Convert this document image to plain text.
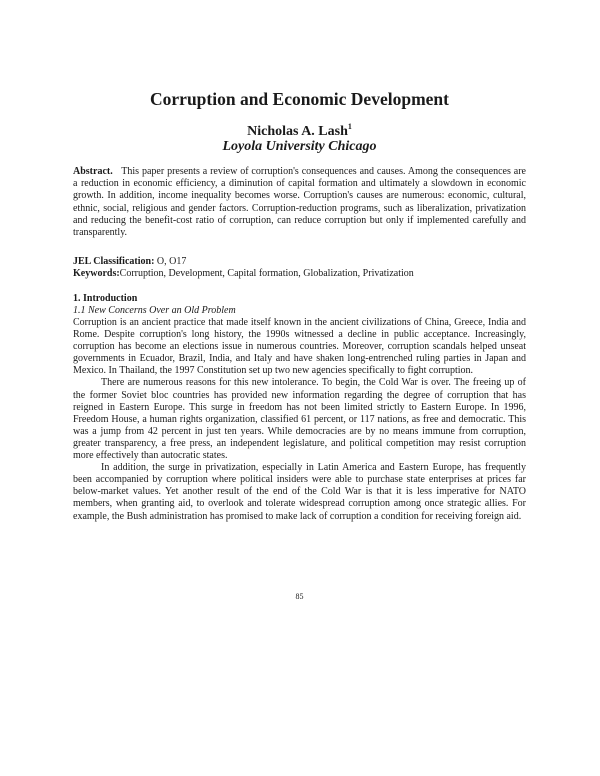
Corruption and Economic Development
Nicholas A. Lash$^1$
Loyola University Chicago

Abstract. This paper presents a review of corruption's consequences and causes. Among the consequences are a reduction in economic efficiency, a diminution of capital formation and ultimately a slowdown in economic growth. In addition, income inequality becomes worse. Corruption's causes are numerous: economic, cultural, ethnic, social, religious and gender factors. Corruption-reduction programs, such as liberalization, privatization and reducing the benefit-cost ratio of corruption, can reduce corruption but only if implemented carefully and transparently.

JEL Classification: O, O17
Keywords:Corruption, Development, Capital formation, Globalization, Privatization
1. Introduction
1.1 New Concerns Over an Old Problem

Corruption is an ancient practice that made itself known in the ancient civilizations of China, Greece, India and Rome. Despite corruption's long history, the 1990s witnessed a decline in public acceptance. Increasingly, corruption has become an elections issue in numerous countries. Moreover, corruption scandals helped unseat governments in Ecuador, Brazil, India, and Italy and have shaken long-entrenched ruling parties in Japan and Mexico. In Thailand, the 1997 Constitution set up two new agencies specifically to fight corruption.

There are numerous reasons for this new intolerance. To begin, the Cold War is over. The freeing up of the former Soviet bloc countries has provided new information regarding the degree of corruption that has reigned in Eastern Europe. This surge in freedom has not been limited strictly to Eastern Europe. In 1996, Freedom House, a human rights organization, classified 61 percent, or 117 nations, as free and democratic. This was a jump from 42 percent in just ten years. While democracies are by no means immune from corruption, greater transparency, a free press, an independent legislature, and political competition may resist corruption more effectively than autocratic states.

In addition, the surge in privatization, especially in Latin America and Eastern Europe, has frequently been accompanied by corruption where political insiders were able to purchase state enterprises at prices far below-market values. Yet another result of the end of the Cold War is that it is less imperative for NATO members, when granting aid, to overlook and tolerate widespread corruption among once strategic allies. For example, the Bush administration has promised to make lack of corruption a condition for receiving foreign aid.

85
